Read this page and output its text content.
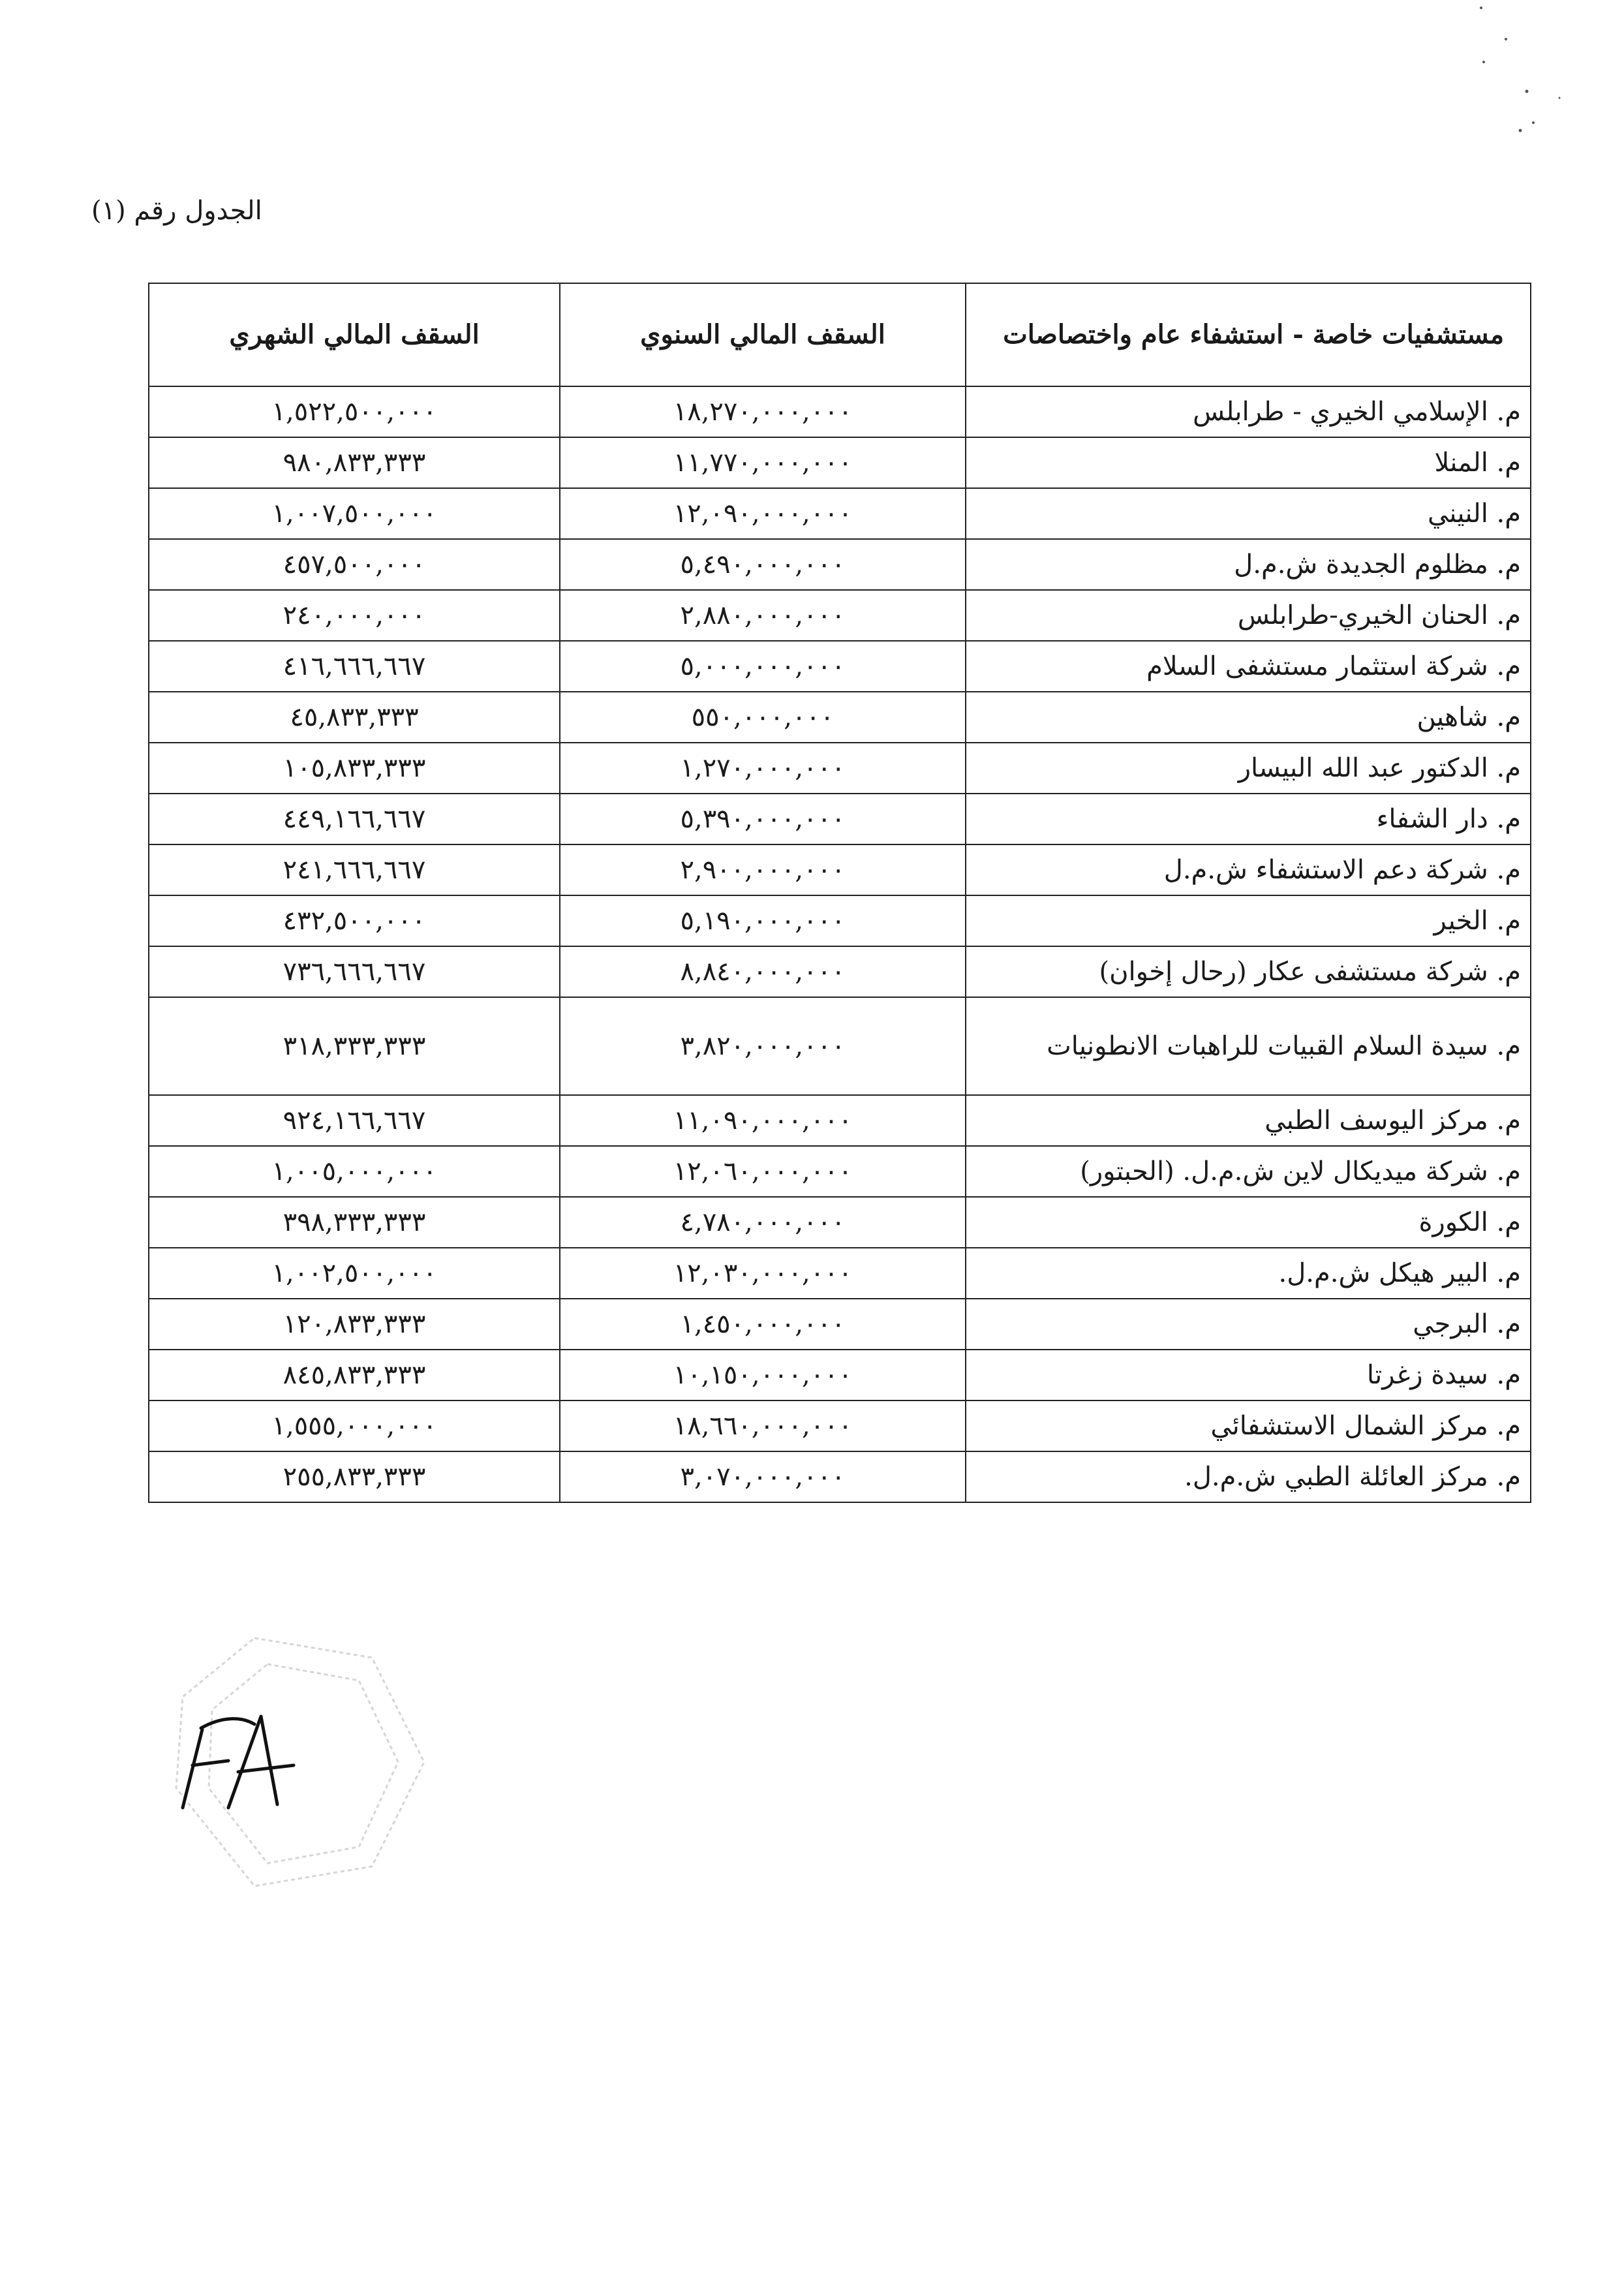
الجدول رقم (١)
مستشفيات خاصة - استشفاء عام واختصاصات	السقف المالي السنوي	السقف المالي الشهري
م. الإسلامي الخيري - طرابلس	١٨,٢٧٠,٠٠٠,٠٠٠	١,٥٢٢,٥٠٠,٠٠٠
م. المنلا	١١,٧٧٠,٠٠٠,٠٠٠	٩٨٠,٨٣٣,٣٣٣
م. النيني	١٢,٠٩٠,٠٠٠,٠٠٠	١,٠٠٧,٥٠٠,٠٠٠
م. مظلوم الجديدة ش.م.ل	٥,٤٩٠,٠٠٠,٠٠٠	٤٥٧,٥٠٠,٠٠٠
م. الحنان الخيري-طرابلس	٢,٨٨٠,٠٠٠,٠٠٠	٢٤٠,٠٠٠,٠٠٠
م. شركة استثمار مستشفى السلام	٥,٠٠٠,٠٠٠,٠٠٠	٤١٦,٦٦٦,٦٦٧
م. شاهين	٥٥٠,٠٠٠,٠٠٠	٤٥,٨٣٣,٣٣٣
م. الدكتور عبد الله البيسار	١,٢٧٠,٠٠٠,٠٠٠	١٠٥,٨٣٣,٣٣٣
م. دار الشفاء	٥,٣٩٠,٠٠٠,٠٠٠	٤٤٩,١٦٦,٦٦٧
م. شركة دعم الاستشفاء ش.م.ل	٢,٩٠٠,٠٠٠,٠٠٠	٢٤١,٦٦٦,٦٦٧
م. الخير	٥,١٩٠,٠٠٠,٠٠٠	٤٣٢,٥٠٠,٠٠٠
م. شركة مستشفى عكار (رحال إخوان)	٨,٨٤٠,٠٠٠,٠٠٠	٧٣٦,٦٦٦,٦٦٧
م. سيدة السلام القبيات للراهبات الانطونيات	٣,٨٢٠,٠٠٠,٠٠٠	٣١٨,٣٣٣,٣٣٣
م. مركز اليوسف الطبي	١١,٠٩٠,٠٠٠,٠٠٠	٩٢٤,١٦٦,٦٦٧
م. شركة ميديكال لاين ش.م.ل. (الحبتور)	١٢,٠٦٠,٠٠٠,٠٠٠	١,٠٠٥,٠٠٠,٠٠٠
م. الكورة	٤,٧٨٠,٠٠٠,٠٠٠	٣٩٨,٣٣٣,٣٣٣
م. البير هيكل ش.م.ل.	١٢,٠٣٠,٠٠٠,٠٠٠	١,٠٠٢,٥٠٠,٠٠٠
م. البرجي	١,٤٥٠,٠٠٠,٠٠٠	١٢٠,٨٣٣,٣٣٣
م. سيدة زغرتا	١٠,١٥٠,٠٠٠,٠٠٠	٨٤٥,٨٣٣,٣٣٣
م. مركز الشمال الاستشفائي	١٨,٦٦٠,٠٠٠,٠٠٠	١,٥٥٥,٠٠٠,٠٠٠
م. مركز العائلة الطبي ش.م.ل.	٣,٠٧٠,٠٠٠,٠٠٠	٢٥٥,٨٣٣,٣٣٣
